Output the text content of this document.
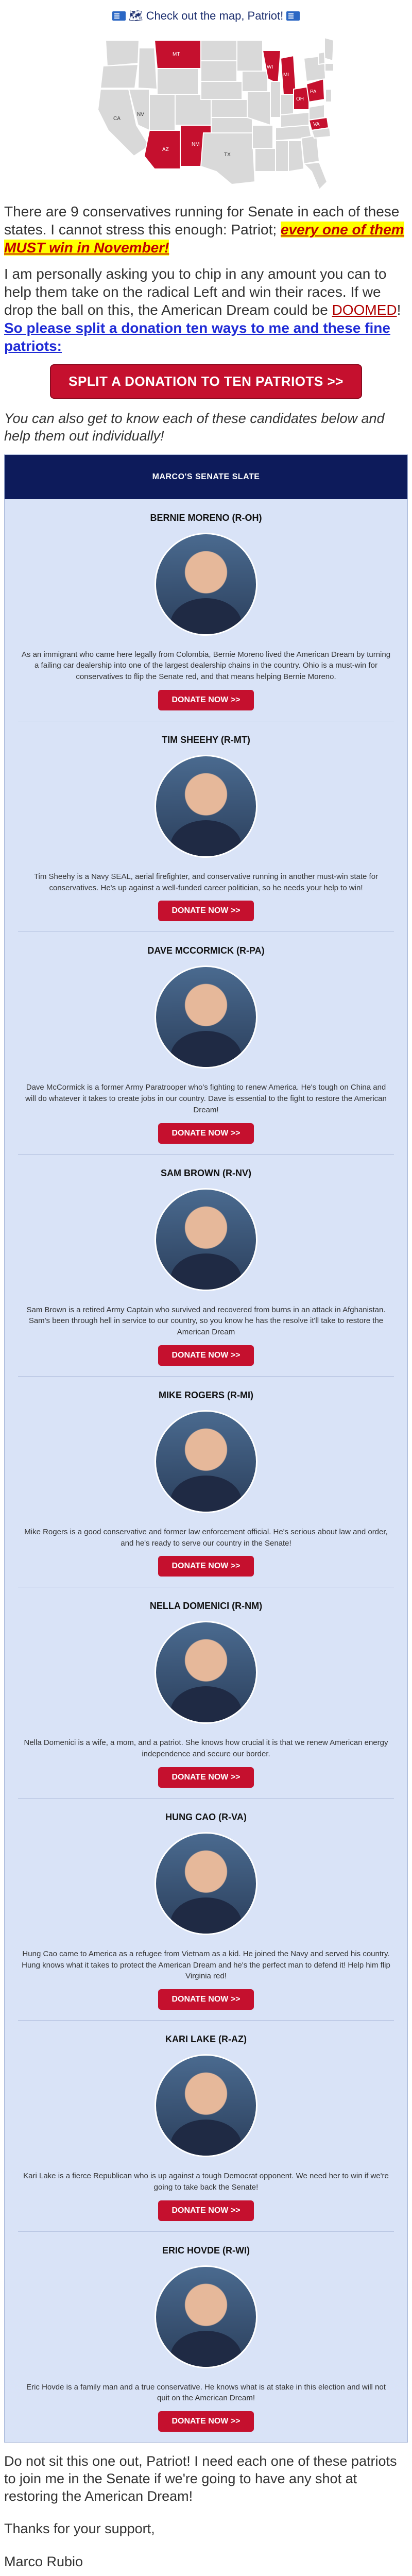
🗺 Check out the map, Patriot!
MT
AZ
NM
WI
MI
OH
PA
VA
NV
CA
TX

There are 9 conservatives running for Senate in each of these states. I cannot stress this enough: Patriot; every one of them MUST win in November!

I am personally asking you to chip in any amount you can to help them take on the radical Left and win their races. If we drop the ball on this, the American Dream could be DOOMED! So please split a donation ten ways to me and these fine patriots:

SPLIT A DONATION TO TEN PATRIOTS >>

You can also get to know each of these candidates below and help them out individually!

MARCO'S SENATE SLATE
BERNIE MORENO (R-OH)

As an immigrant who came here legally from Colombia, Bernie Moreno lived the American Dream by turning a failing car dealership into one of the largest dealership chains in the country. Ohio is a must-win for conservatives to flip the Senate red, and that means helping Bernie Moreno.

DONATE NOW >>
TIM SHEEHY (R-MT)

Tim Sheehy is a Navy SEAL, aerial firefighter, and conservative running in another must-win state for conservatives. He's up against a well-funded career politician, so he needs your help to win!

DONATE NOW >>
DAVE MCCORMICK (R-PA)

Dave McCormick is a former Army Paratrooper who's fighting to renew America. He's tough on China and will do whatever it takes to create jobs in our country. Dave is essential to the fight to restore the American Dream!

DONATE NOW >>
SAM BROWN (R-NV)

Sam Brown is a retired Army Captain who survived and recovered from burns in an attack in Afghanistan. Sam's been through hell in service to our country, so you know he has the resolve it'll take to restore the American Dream

DONATE NOW >>
MIKE ROGERS (R-MI)

Mike Rogers is a good conservative and former law enforcement official. He's serious about law and order, and he's ready to serve our country in the Senate!

DONATE NOW >>
NELLA DOMENICI (R-NM)

Nella Domenici is a wife, a mom, and a patriot. She knows how crucial it is that we renew American energy independence and secure our border.

DONATE NOW >>
HUNG CAO (R-VA)

Hung Cao came to America as a refugee from Vietnam as a kid. He joined the Navy and served his country. Hung knows what it takes to protect the American Dream and he's the perfect man to defend it! Help him flip Virginia red!

DONATE NOW >>
KARI LAKE (R-AZ)

Kari Lake is a fierce Republican who is up against a tough Democrat opponent. We need her to win if we're going to take back the Senate!

DONATE NOW >>
ERIC HOVDE (R-WI)

Eric Hovde is a family man and a true conservative. He knows what is at stake in this election and will not quit on the American Dream!

DONATE NOW >>

Do not sit this one out, Patriot! I need each one of these patriots to join me in the Senate if we're going to have any shot at restoring the American Dream!

Thanks for your support,

Marco Rubio
